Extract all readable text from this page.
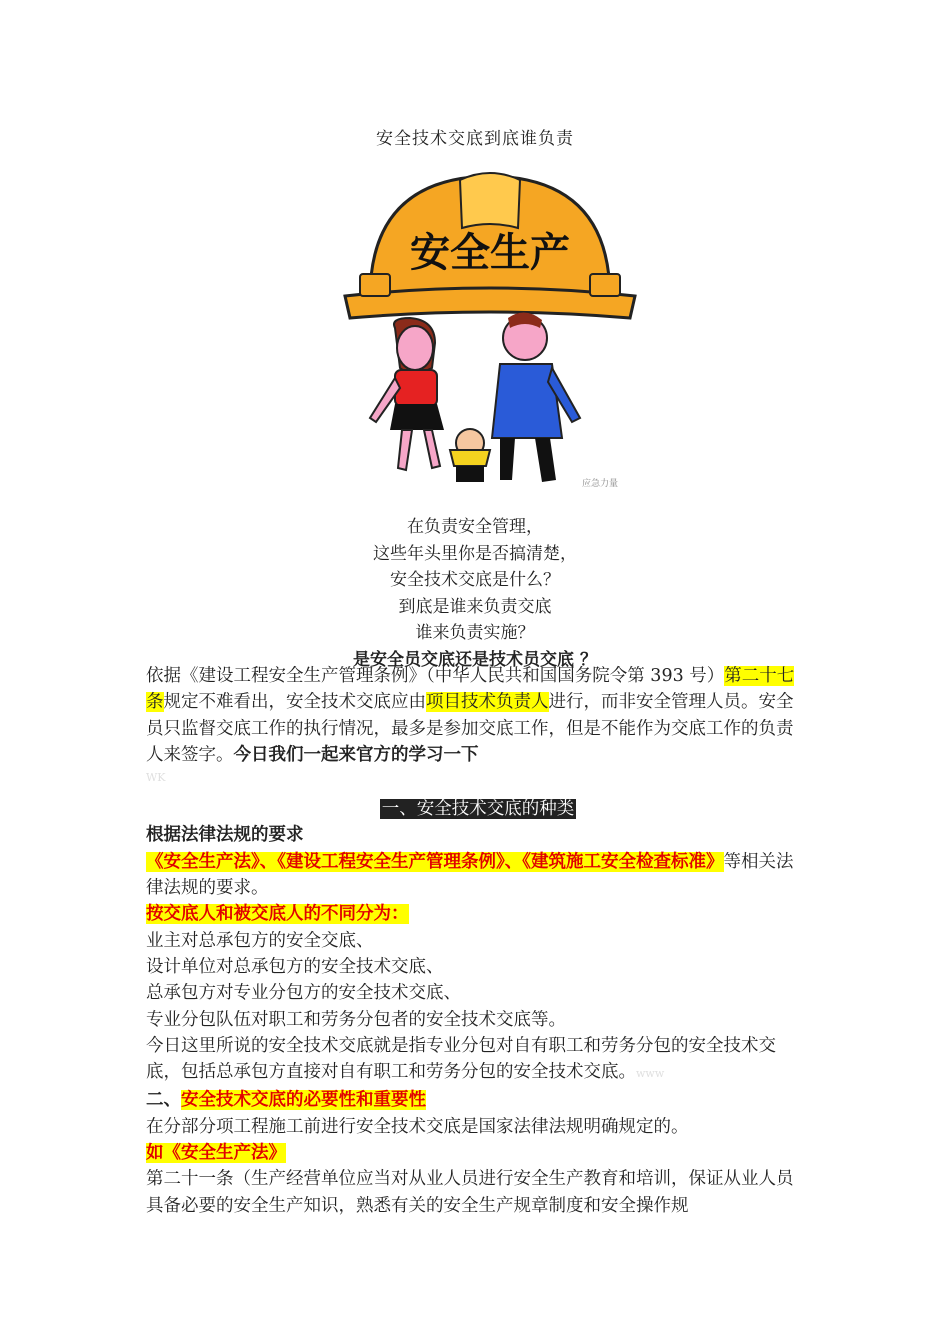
安全技术交底到底谁负责
安全生产
应急力量
在负责安全管理，
这些年头里你是否搞清楚，
安全技术交底是什么？
到底是谁来负责交底
谁来负责实施？
是安全员交底还是技术员交底 ？

依据《建设工程安全生产管理条例》（中华人民共和国国务院令第 393 号）第二十七条规定不难看出，安全技术交底应由项目技术负责人进行，而非安全管理人员。安全员只监督交底工作的执行情况，最多是参加交底工作，但是不能作为交底工作的负责人来签字。今日我们一起来官方的学习一下

WK

一、安全技术交底的种类

根据法律法规的要求

《安全生产法》、《建设工程安全生产管理条例》、《建筑施工安全检查标准》等相关法律法规的要求。

按交底人和被交底人的不同分为：

业主对总承包方的安全交底、

设计单位对总承包方的安全技术交底、

总承包方对专业分包方的安全技术交底、

专业分包队伍对职工和劳务分包者的安全技术交底等。

今日这里所说的安全技术交底就是指专业分包对自有职工和劳务分包的安全技术交底，包括总承包方直接对自有职工和劳务分包的安全技术交底。www

二、安全技术交底的必要性和重要性

在分部分项工程施工前进行安全技术交底是国家法律法规明确规定的。

如《安全生产法》

第二十一条（生产经营单位应当对从业人员进行安全生产教育和培训，保证从业人员具备必要的安全生产知识，熟悉有关的安全生产规章制度和安全操作规
